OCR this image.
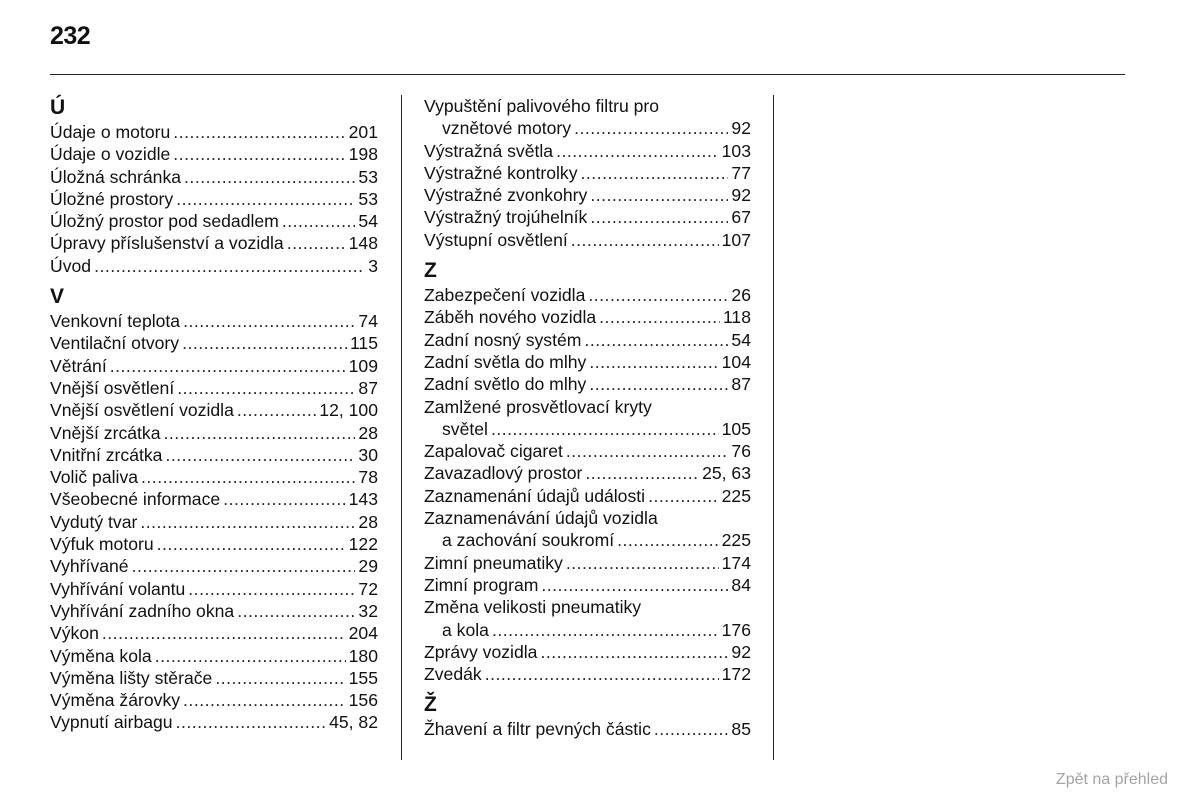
232
Ú
Údaje o motoru .....	201
Údaje o vozidle .....	198
Úložná schránka .....	53
Úložné prostory .....	53
Úložný prostor pod sedadlem .....	54
Úpravy příslušenství a vozidla .....	148
Úvod .....	3
V
Venkovní teplota .....	74
Ventilační otvory .....	115
Větrání .....	109
Vnější osvětlení .....	87
Vnější osvětlení vozidla .....	12, 100
Vnější zrcátka .....	28
Vnitřní zrcátka .....	30
Volič paliva .....	78
Všeobecné informace .....	143
Vydutý tvar .....	28
Výfuk motoru .....	122
Vyhřívané .....	29
Vyhřívání volantu .....	72
Vyhřívání zadního okna .....	32
Výkon .....	204
Výměna kola .....	180
Výměna lišty stěrače .....	155
Výměna žárovky .....	156
Vypnutí airbagu .....	45, 82
Vypuštění palivového filtru pro
vznětové motory .....	92
Výstražná světla .....	103
Výstražné kontrolky .....	77
Výstražné zvonkohry .....	92
Výstražný trojúhelník .....	67
Výstupní osvětlení .....	107
Z
Zabezpečení vozidla .....	26
Záběh nového vozidla .....	118
Zadní nosný systém .....	54
Zadní světla do mlhy .....	104
Zadní světlo do mlhy .....	87
Zamlžené prosvětlovací kryty
světel .....	105
Zapalovač cigaret .....	76
Zavazadlový prostor .....	25, 63
Zaznamenání údajů události .....	225
Zaznamenávání údajů vozidla
a zachování soukromí .....	225
Zimní pneumatiky .....	174
Zimní program .....	84
Změna velikosti pneumatiky
a kola .....	176
Zprávy vozidla .....	92
Zvedák .....	172
Ž
Žhavení a filtr pevných částic .....	85
Zpět na přehled
